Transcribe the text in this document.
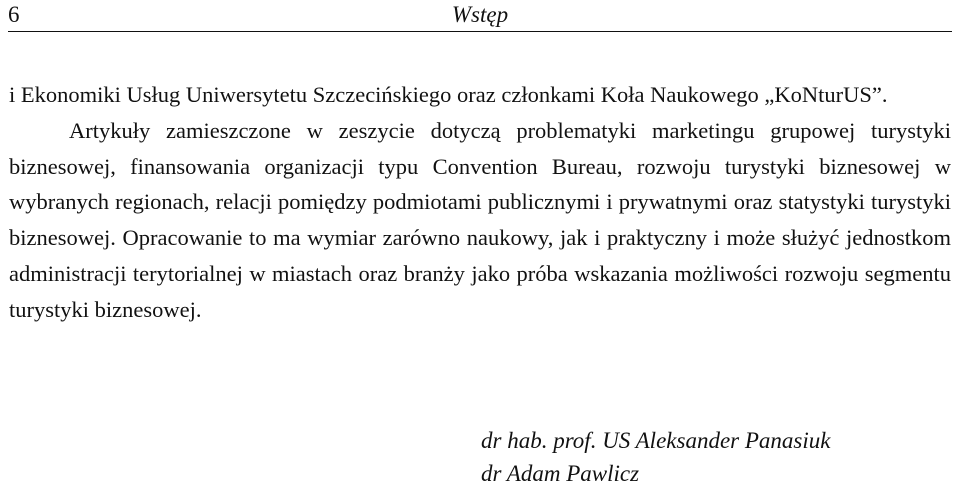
6	Wstęp

i Ekonomiki Usług Uniwersytetu Szczecińskiego oraz członkami Koła Naukowego „KoNturUS”.

Artykuły zamieszczone w zeszycie dotyczą problematyki marketingu grupowej turystyki biznesowej, finansowania organizacji typu Convention Bureau, rozwoju turystyki biznesowej w wybranych regionach, relacji pomiędzy podmiotami publicznymi i prywatnymi oraz statystyki turystyki biznesowej. Opracowanie to ma wymiar zarówno naukowy, jak i praktyczny i może służyć jednostkom administracji terytorialnej w miastach oraz branży jako próba wskazania możliwości rozwoju segmentu turystyki biznesowej.

dr hab. prof. US Aleksander Panasiuk
dr Adam Pawlicz
